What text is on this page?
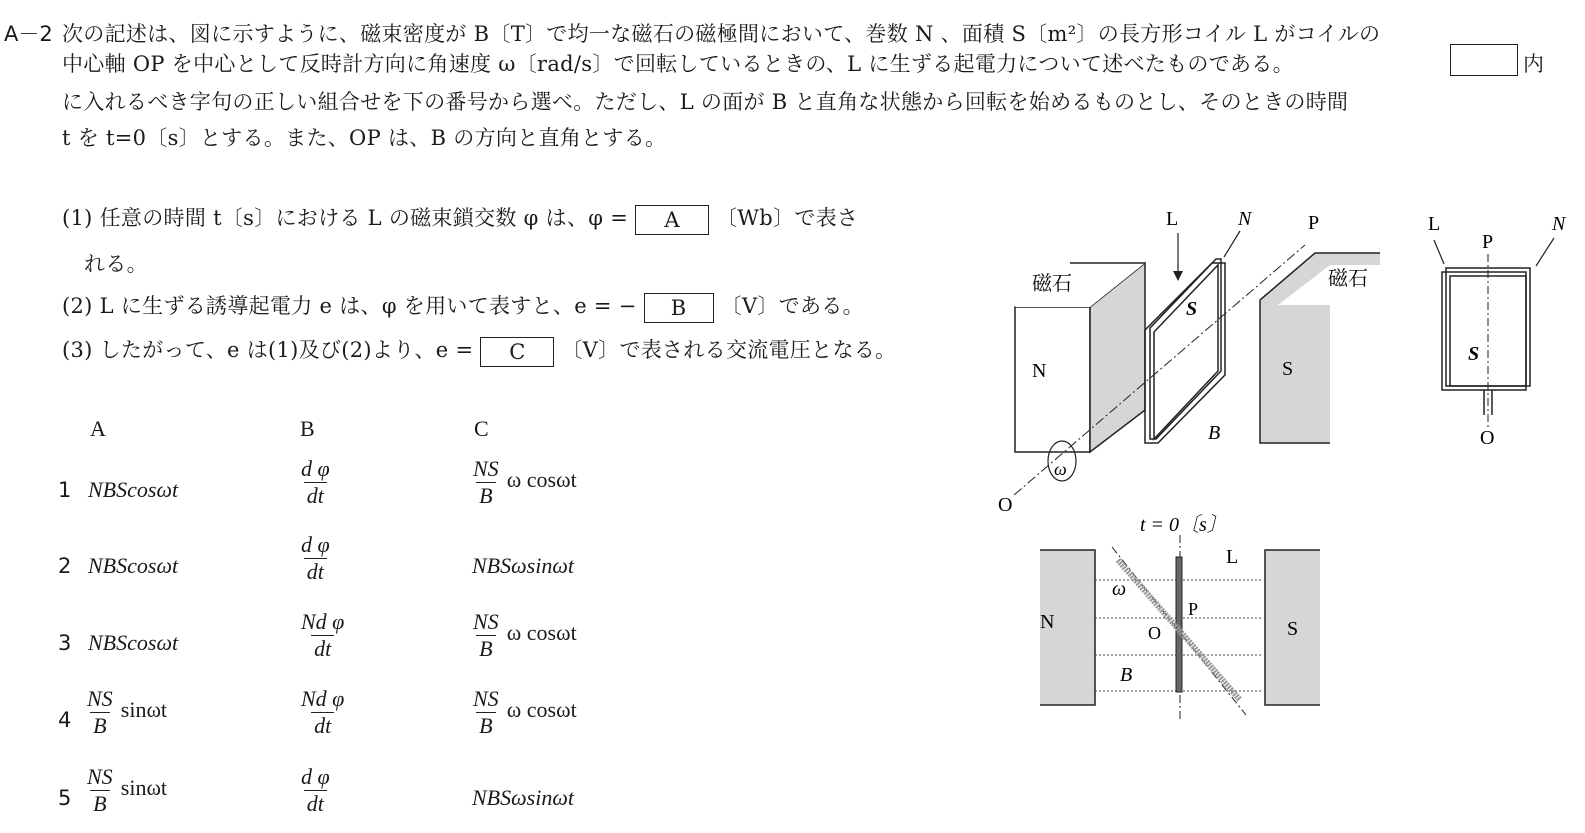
A－2 次の記述は、図に示すように、磁束密度が B〔T〕で均一な磁石の磁極間において、巻数 N 、面積 S〔m²〕の長方形コイル L がコイルの
中心軸 OP を中心として反時計方向に角速度 ω〔rad/s〕で回転しているときの、L に生ずる起電力について述べたものである。	内
に入れるべき字句の正しい組合せを下の番号から選べ。ただし、L の面が B と直角な状態から回転を始めるものとし、そのときの時間
t を t=0〔s〕とする。また、OP は、B の方向と直角とする。
(1) 任意の時間 t〔s〕における L の磁束鎖交数 φ は、φ = A 〔Wb〕で表さ
れる。
(2) L に生ずる誘導起電力 e は、φ を用いて表すと、e = − B 〔V〕である。
(3) したがって、e は(1)及び(2)より、e = C 〔V〕で表される交流電圧となる。
A	B	C
1 NBScosωt	$\frac{\text{d φ}}{dt}$	$\frac{NS}{B}$ ω cosωt
2 NBScosωt	$\frac{\text{d φ}}{dt}$	NBSωsinωt
3 NBScosωt	$\frac{\text{Nd φ}}{dt}$	$\frac{NS}{B}$ ω cosωt
$4 \frac{NS}{B}$ sinωt	$\frac{\text{Nd φ}}{dt}$	$\frac{NS}{B}$ ω cosωt
$5 \frac{NS}{B}$ sinωt	$\frac{\text{d φ}}{dt}$	NBSωsinωt
磁石
N
S
L	N	P
磁石
S
B
ω
O
L
P
N
S
O
t = 0〔s〕
N	S
ω
P
O
B
L
